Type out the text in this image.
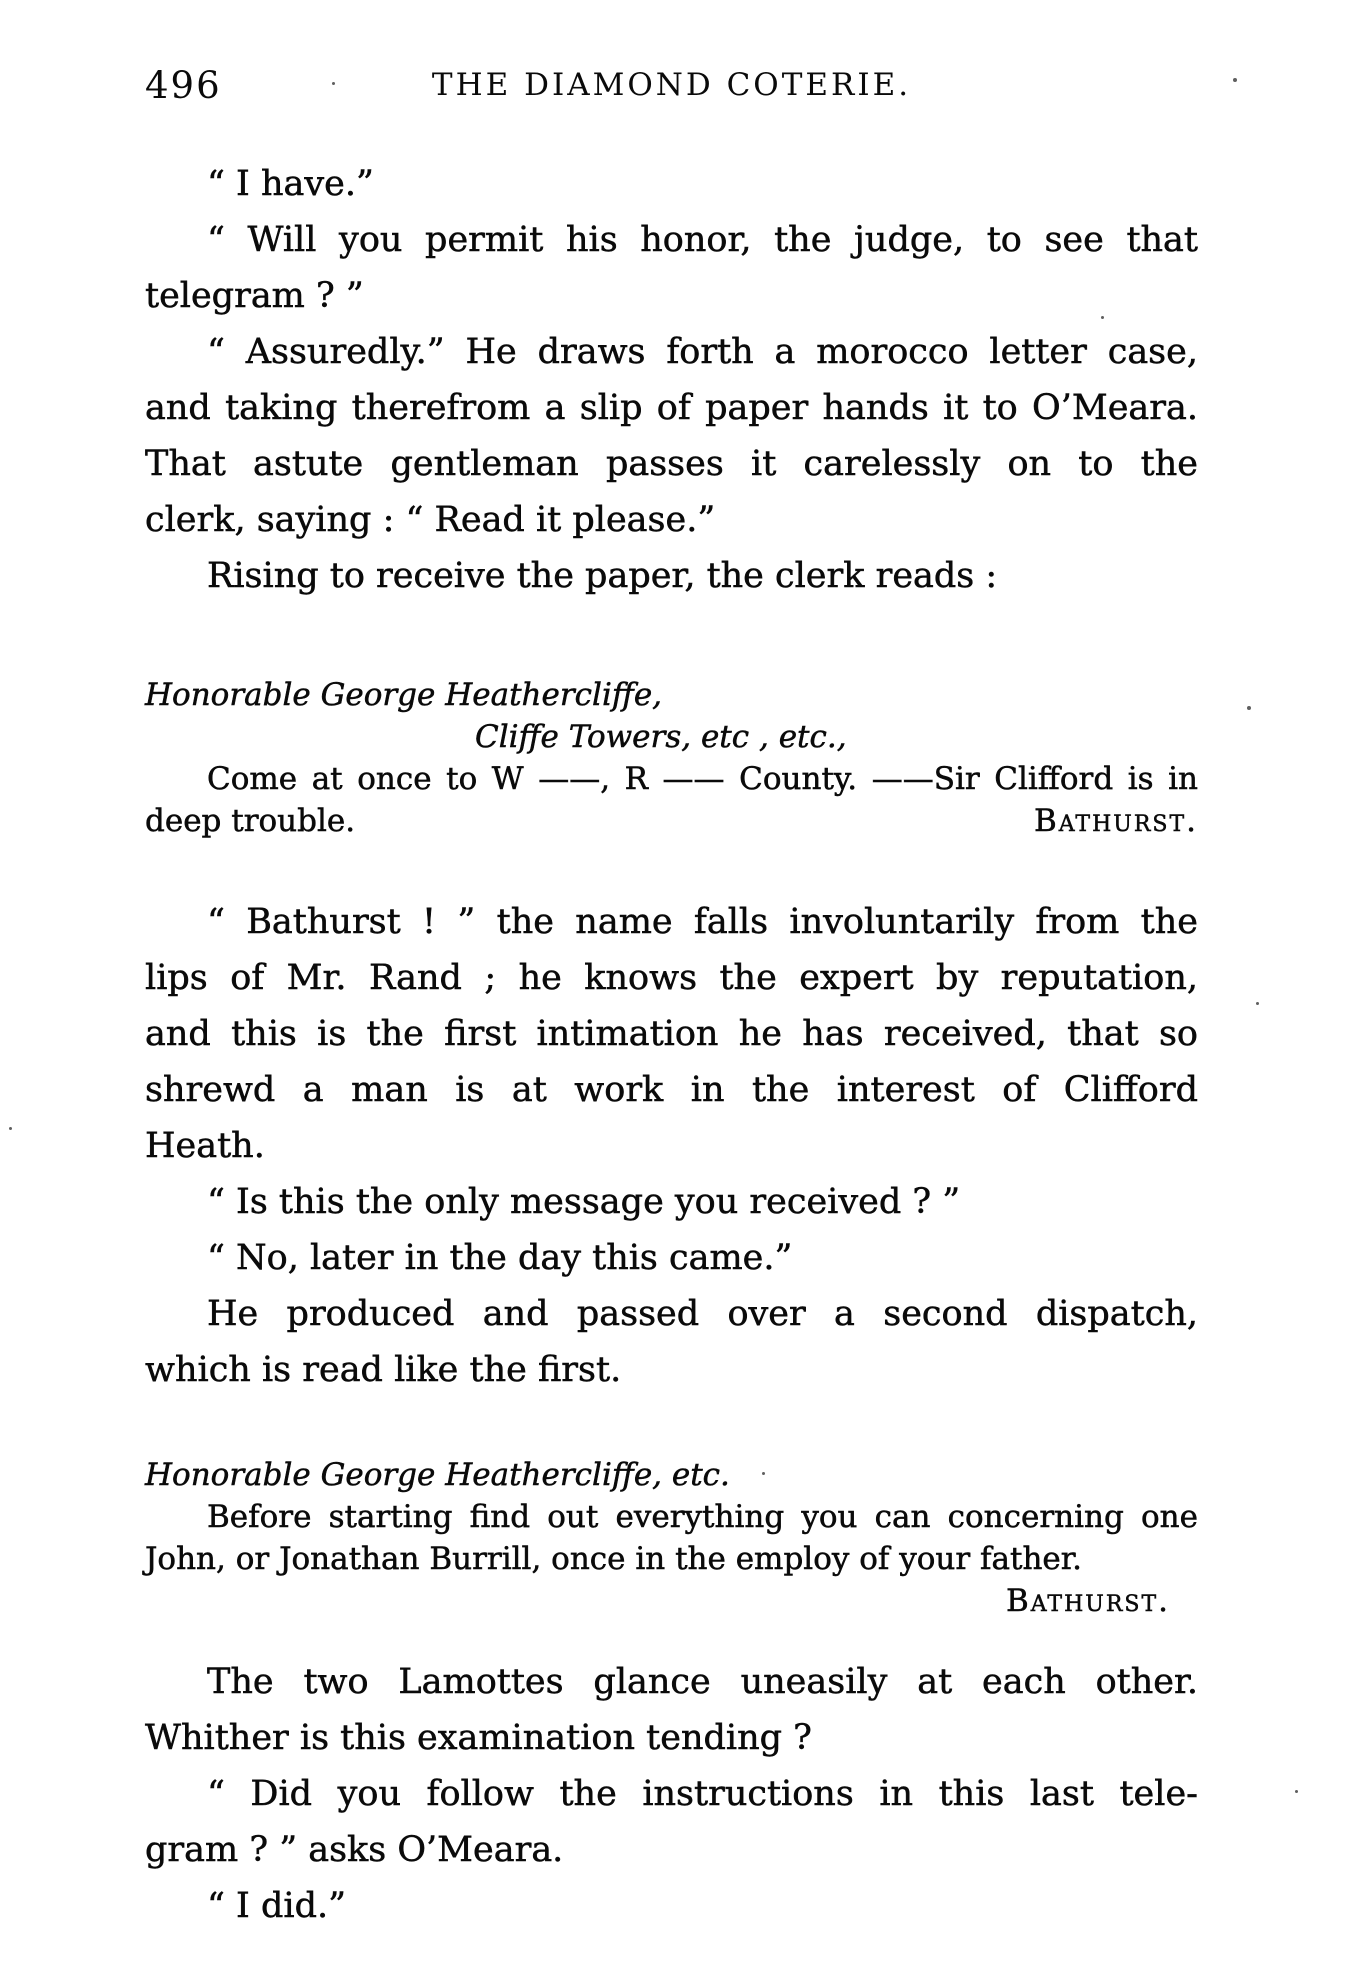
496	THE DIAMOND COTERIE.
“ I have.”
“ Will you permit his honor, the judge, to see that
telegram ? ”
“ Assuredly.” He draws forth a morocco letter case,
and taking therefrom a slip of paper hands it to O’Meara.
That astute gentleman passes it carelessly on to the
clerk, saying : “ Read it please.”
Rising to receive the paper, the clerk reads :
Honorable George Heathercliffe,
Cliffe Towers, etc , etc.,
Come at once to W ——, R —— County. ——Sir Clifford is in
deep trouble.	Bathurst.
“ Bathurst ! ” the name falls involuntarily from the
lips of Mr. Rand ; he knows the expert by reputation,
and this is the first intimation he has received, that so
shrewd a man is at work in the interest of Clifford
Heath.
“ Is this the only message you received ? ”
“ No, later in the day this came.”
He produced and passed over a second dispatch,
which is read like the first.
Honorable George Heathercliffe, etc.
Before starting find out everything you can concerning one
John, or Jonathan Burrill, once in the employ of your father.
Bathurst.
The two Lamottes glance uneasily at each other.
Whither is this examination tending ?
“ Did you follow the instructions in this last tele-
gram ? ” asks O’Meara.
“ I did.”
